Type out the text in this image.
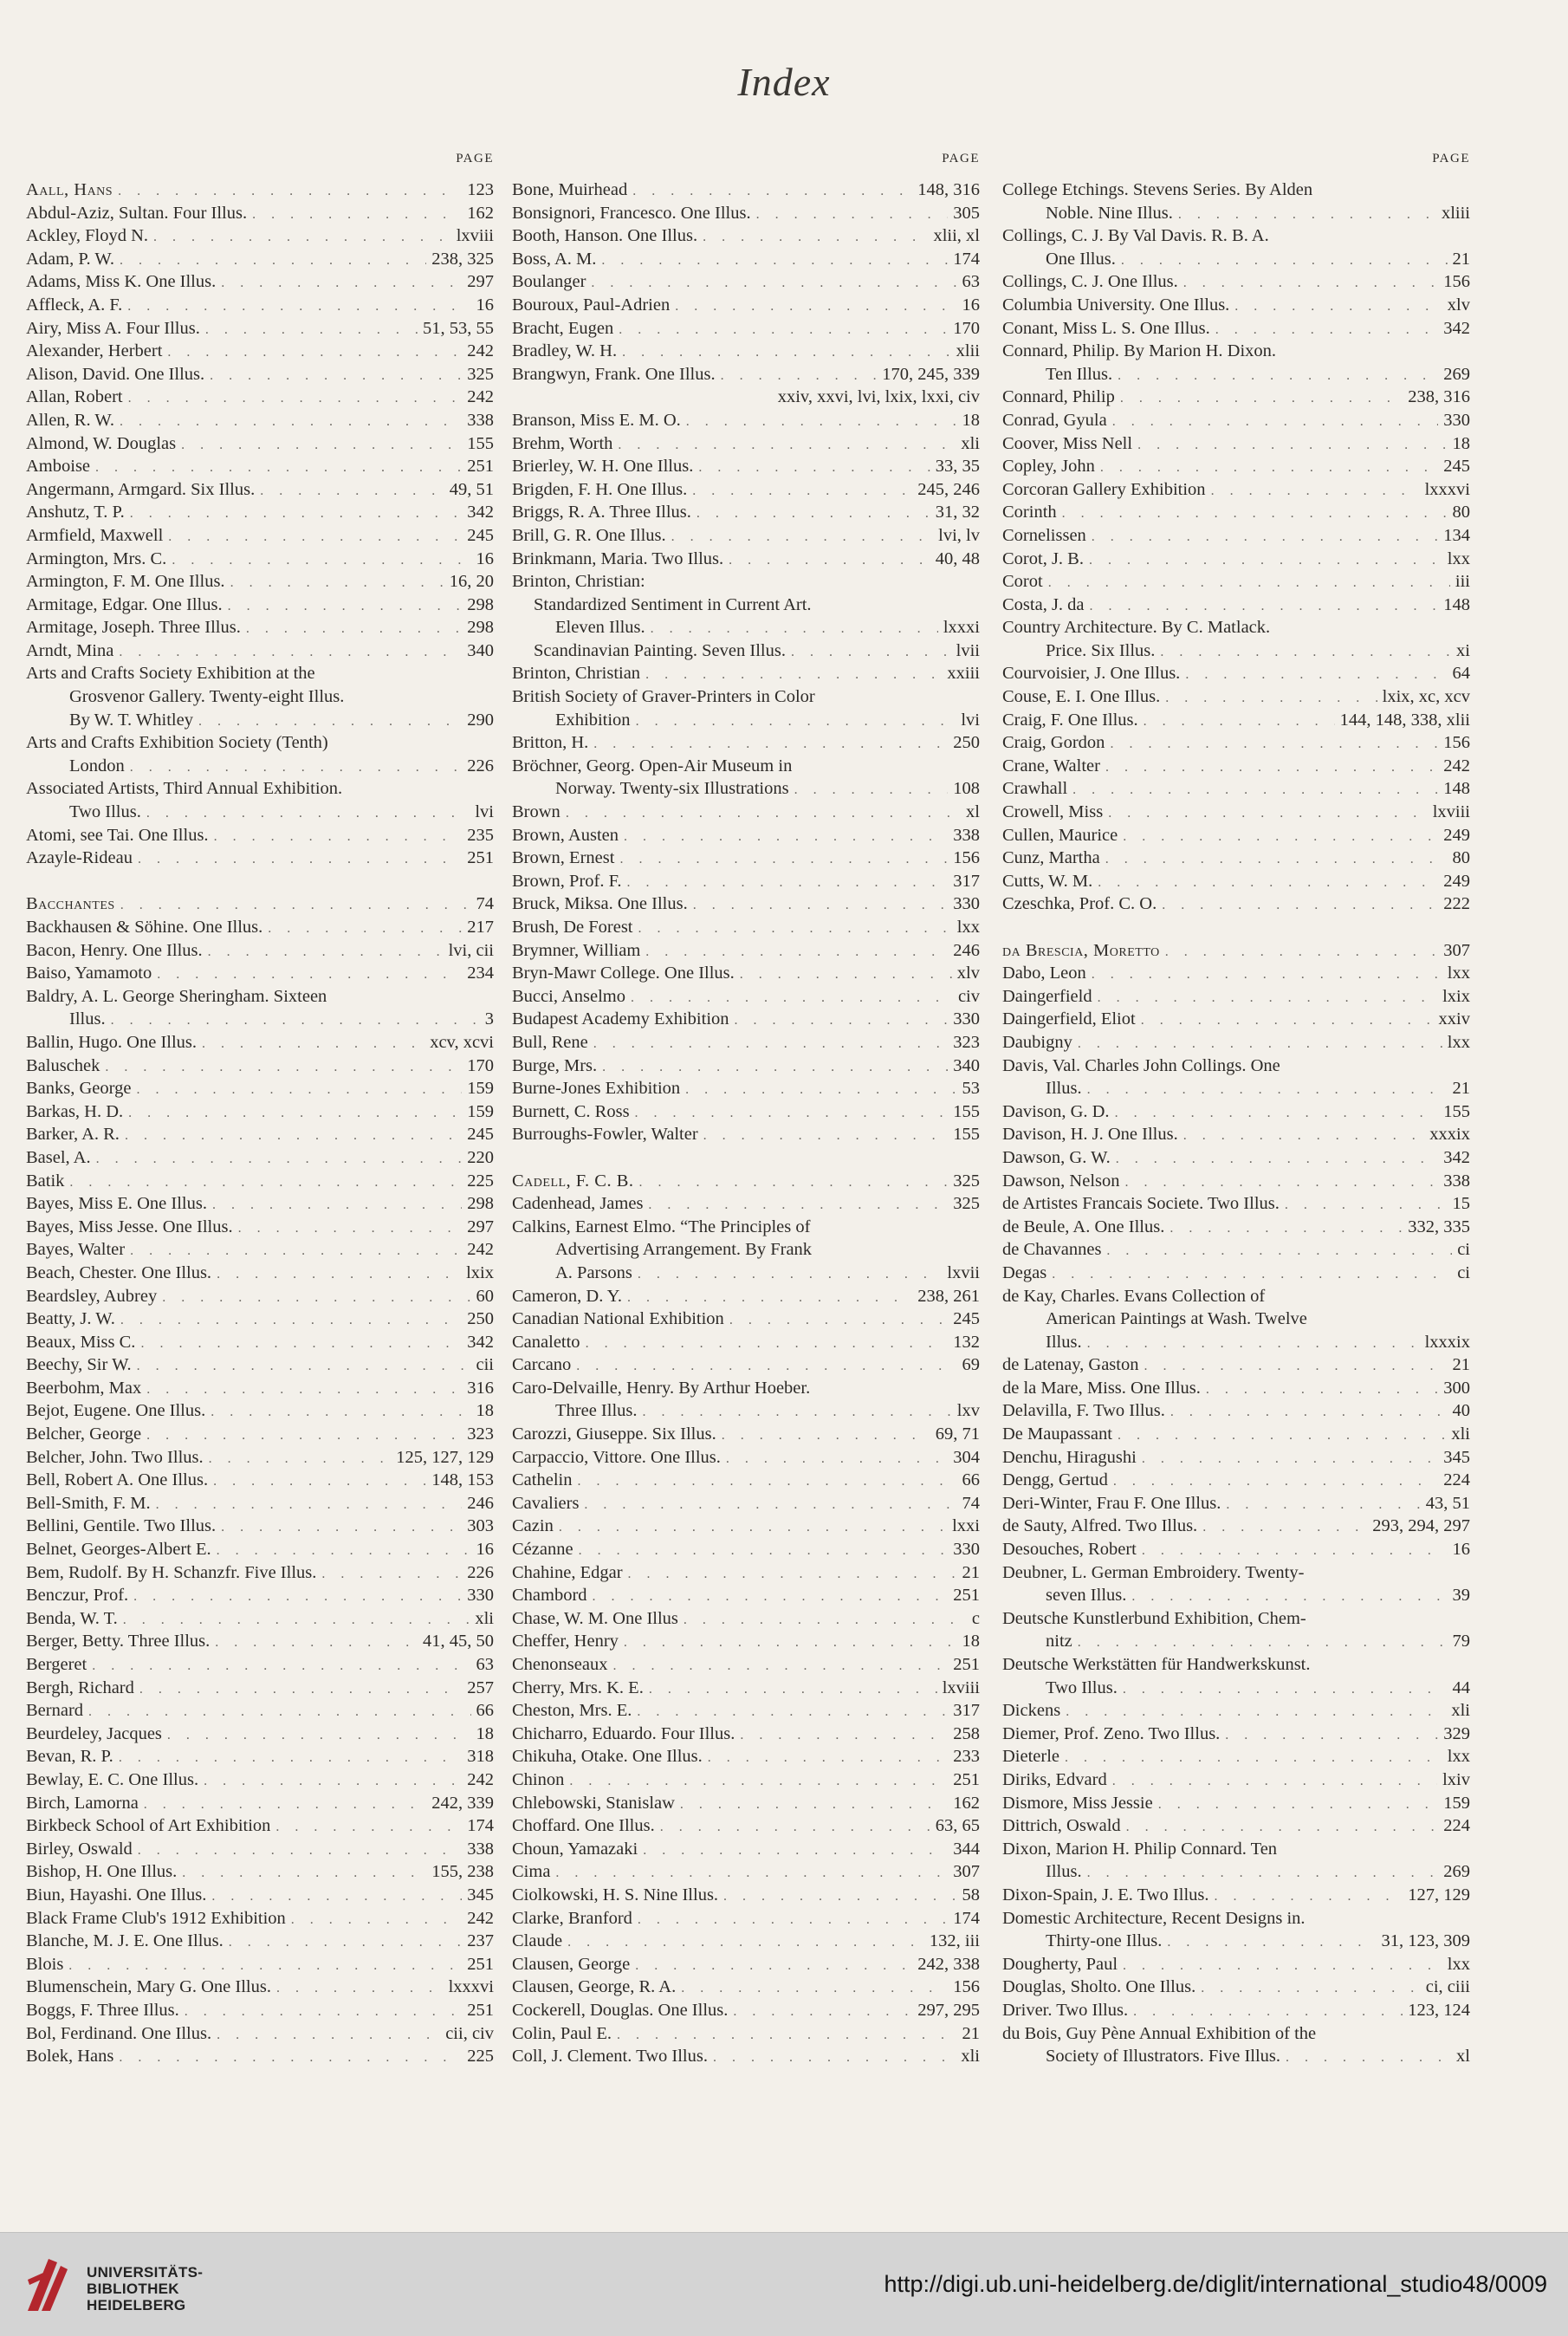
Index
PAGE
Aall, Hans . . .	123
Abdul-Aziz, Sultan. Four Illus. . . .	162
Ackley, Floyd N. . . .	lxviii
Adam, P. W. . . .	238, 325
Adams, Miss K. One Illus. . . .	297
Affleck, A. F. . . .	16
Airy, Miss A. Four Illus. . . .	51, 53, 55
Alexander, Herbert . . .	242
Alison, David. One Illus. . . .	325
Allan, Robert . . .	242
Allen, R. W. . . .	338
Almond, W. Douglas . . .	155
Amboise . . .	251
Angermann, Armgard. Six Illus. . . .	49, 51
Anshutz, T. P. . . .	342
Armfield, Maxwell . . .	245
Armington, Mrs. C. . . .	16
Armington, F. M. One Illus. . . .	16, 20
Armitage, Edgar. One Illus. . . .	298
Armitage, Joseph. Three Illus. . . .	298
Arndt, Mina . . .	340
Arts and Crafts Society Exhibition at the
Grosvenor Gallery. Twenty-eight Illus.
By W. T. Whitley . . .	290
Arts and Crafts Exhibition Society (Tenth)
London . . .	226
Associated Artists, Third Annual Exhibition.
Two Illus. . . .	lvi
Atomi, see Tai. One Illus. . . .	235
Azayle-Rideau . . .	251
Bacchantes . . .	74
Backhausen & Söhine. One Illus. . . .	217
Bacon, Henry. One Illus. . . .	lvi, cii
Baiso, Yamamoto . . .	234
Baldry, A. L. George Sheringham. Sixteen
Illus. . . .	3
Ballin, Hugo. One Illus. . . .	xcv, xcvi
Baluschek . . .	170
Banks, George . . .	159
Barkas, H. D. . . .	159
Barker, A. R. . . .	245
Basel, A. . . .	220
Batik . . .	225
Bayes, Miss E. One Illus. . . .	298
Bayes, Miss Jesse. One Illus. . . .	297
Bayes, Walter . . .	242
Beach, Chester. One Illus. . . .	lxix
Beardsley, Aubrey . . .	60
Beatty, J. W. . . .	250
Beaux, Miss C. . . .	342
Beechy, Sir W. . . .	cii
Beerbohm, Max . . .	316
Bejot, Eugene. One Illus. . . .	18
Belcher, George . . .	323
Belcher, John. Two Illus. . . .	125, 127, 129
Bell, Robert A. One Illus. . . .	148, 153
Bell-Smith, F. M. . . .	246
Bellini, Gentile. Two Illus. . . .	303
Belnet, Georges-Albert E. . . .	16
Bem, Rudolf. By H. Schanzfr. Five Illus. . . .	226
Benczur, Prof. . . .	330
Benda, W. T. . . .	xli
Berger, Betty. Three Illus. . . .	41, 45, 50
Bergeret . . .	63
Bergh, Richard . . .	257
Bernard . . .	66
Beurdeley, Jacques . . .	18
Bevan, R. P. . . .	318
Bewlay, E. C. One Illus. . . .	242
Birch, Lamorna . . .	242, 339
Birkbeck School of Art Exhibition . . .	174
Birley, Oswald . . .	338
Bishop, H. One Illus. . . .	155, 238
Biun, Hayashi. One Illus. . . .	345
Black Frame Club's 1912 Exhibition . . .	242
Blanche, M. J. E. One Illus. . . .	237
Blois . . .	251
Blumenschein, Mary G. One Illus. . . .	lxxxvi
Boggs, F. Three Illus. . . .	251
Bol, Ferdinand. One Illus. . . .	cii, civ
Bolek, Hans . . .	225
PAGE
Bone, Muirhead . . .	148, 316
Bonsignori, Francesco. One Illus. . . .	305
Booth, Hanson. One Illus. . . .	xlii, xl
Boss, A. M. . . .	174
Boulanger . . .	63
Bouroux, Paul-Adrien . . .	16
Bracht, Eugen . . .	170
Bradley, W. H. . . .	xlii
Brangwyn, Frank. One Illus. . . .	170, 245, 339
xxiv, xxvi, lvi, lxix, lxxi, civ
Branson, Miss E. M. O. . . .	18
Brehm, Worth . . .	xli
Brierley, W. H. One Illus. . . .	33, 35
Brigden, F. H. One Illus. . . .	245, 246
Briggs, R. A. Three Illus. . . .	31, 32
Brill, G. R. One Illus. . . .	lvi, lv
Brinkmann, Maria. Two Illus. . . .	40, 48
Brinton, Christian:
Standardized Sentiment in Current Art.
Eleven Illus. . . .	lxxxi
Scandinavian Painting. Seven Illus. . . .	lvii
Brinton, Christian . . .	xxiii
British Society of Graver-Printers in Color
Exhibition . . .	lvi
Britton, H. . . .	250
Bröchner, Georg. Open-Air Museum in
Norway. Twenty-six Illustrations . . .	108
Brown . . .	xl
Brown, Austen . . .	338
Brown, Ernest . . .	156
Brown, Prof. F. . . .	317
Bruck, Miksa. One Illus. . . .	330
Brush, De Forest . . .	lxx
Brymner, William . . .	246
Bryn-Mawr College. One Illus. . . .	xlv
Bucci, Anselmo . . .	civ
Budapest Academy Exhibition . . .	330
Bull, Rene . . .	323
Burge, Mrs. . . .	340
Burne-Jones Exhibition . . .	53
Burnett, C. Ross . . .	155
Burroughs-Fowler, Walter . . .	155
Cadell, F. C. B. . . .	325
Cadenhead, James . . .	325
Calkins, Earnest Elmo. “The Principles of
Advertising Arrangement. By Frank
A. Parsons . . .	lxvii
Cameron, D. Y. . . .	238, 261
Canadian National Exhibition . . .	245
Canaletto . . .	132
Carcano . . .	69
Caro-Delvaille, Henry. By Arthur Hoeber.
Three Illus. . . .	lxv
Carozzi, Giuseppe. Six Illus. . . .	69, 71
Carpaccio, Vittore. One Illus. . . .	304
Cathelin . . .	66
Cavaliers . . .	74
Cazin . . .	lxxi
Cézanne . . .	330
Chahine, Edgar . . .	21
Chambord . . .	251
Chase, W. M. One Illus . . .	c
Cheffer, Henry . . .	18
Chenonseaux . . .	251
Cherry, Mrs. K. E. . . .	lxviii
Cheston, Mrs. E. . . .	317
Chicharro, Eduardo. Four Illus. . . .	258
Chikuha, Otake. One Illus. . . .	233
Chinon . . .	251
Chlebowski, Stanislaw . . .	162
Choffard. One Illus. . . .	63, 65
Choun, Yamazaki . . .	344
Cima . . .	307
Ciolkowski, H. S. Nine Illus. . . .	58
Clarke, Branford . . .	174
Claude . . .	132, iii
Clausen, George . . .	242, 338
Clausen, George, R. A. . . .	156
Cockerell, Douglas. One Illus. . . .	297, 295
Colin, Paul E. . . .	21
Coll, J. Clement. Two Illus. . . .	xli
PAGE
College Etchings. Stevens Series. By Alden
Noble. Nine Illus. . . .	xliii
Collings, C. J. By Val Davis. R. B. A.
One Illus. . . .	21
Collings, C. J. One Illus. . . .	156
Columbia University. One Illus. . . .	xlv
Conant, Miss L. S. One Illus. . . .	342
Connard, Philip. By Marion H. Dixon.
Ten Illus. . . .	269
Connard, Philip . . .	238, 316
Conrad, Gyula . . .	330
Coover, Miss Nell . . .	18
Copley, John . . .	245
Corcoran Gallery Exhibition . . .	lxxxvi
Corinth . . .	80
Cornelissen . . .	134
Corot, J. B. . . .	lxx
Corot . . .	iii
Costa, J. da . . .	148
Country Architecture. By C. Matlack.
Price. Six Illus. . . .	xi
Courvoisier, J. One Illus. . . .	64
Couse, E. I. One Illus. . . .	lxix, xc, xcv
Craig, F. One Illus. . . .	144, 148, 338, xlii
Craig, Gordon . . .	156
Crane, Walter . . .	242
Crawhall . . .	148
Crowell, Miss . . .	lxviii
Cullen, Maurice . . .	249
Cunz, Martha . . .	80
Cutts, W. M. . . .	249
Czeschka, Prof. C. O. . . .	222
da Brescia, Moretto . . .	307
Dabo, Leon . . .	lxx
Daingerfield . . .	lxix
Daingerfield, Eliot . . .	xxiv
Daubigny . . .	lxx
Davis, Val. Charles John Collings. One
Illus. . . .	21
Davison, G. D. . . .	155
Davison, H. J. One Illus. . . .	xxxix
Dawson, G. W. . . .	342
Dawson, Nelson . . .	338
de Artistes Francais Societe. Two Illus. . . .	15
de Beule, A. One Illus. . . .	332, 335
de Chavannes . . .	ci
Degas . . .	ci
de Kay, Charles. Evans Collection of
American Paintings at Wash. Twelve
Illus. . . .	lxxxix
de Latenay, Gaston . . .	21
de la Mare, Miss. One Illus. . . .	300
Delavilla, F. Two Illus. . . .	40
De Maupassant . . .	xli
Denchu, Hiragushi . . .	345
Dengg, Gertud . . .	224
Deri-Winter, Frau F. One Illus. . . .	43, 51
de Sauty, Alfred. Two Illus. . . .	293, 294, 297
Desouches, Robert . . .	16
Deubner, L. German Embroidery. Twenty-
seven Illus. . . .	39
Deutsche Kunstlerbund Exhibition, Chem-
nitz . . .	79
Deutsche Werkstätten für Handwerkskunst.
Two Illus. . . .	44
Dickens . . .	xli
Diemer, Prof. Zeno. Two Illus. . . .	329
Dieterle . . .	lxx
Diriks, Edvard . . .	lxiv
Dismore, Miss Jessie . . .	159
Dittrich, Oswald . . .	224
Dixon, Marion H. Philip Connard. Ten
Illus. . . .	269
Dixon-Spain, J. E. Two Illus. . . .	127, 129
Domestic Architecture, Recent Designs in.
Thirty-one Illus. . . .	31, 123, 309
Dougherty, Paul . . .	lxx
Douglas, Sholto. One Illus. . . .	ci, ciii
Driver. Two Illus. . . .	123, 124
du Bois, Guy Pène Annual Exhibition of the
Society of Illustrators. Five Illus. . . .	xl
UNIVERSITÄTS-
BIBLIOTHEK
HEIDELBERG
http://digi.ub.uni-heidelberg.de/diglit/international_studio48/0009
